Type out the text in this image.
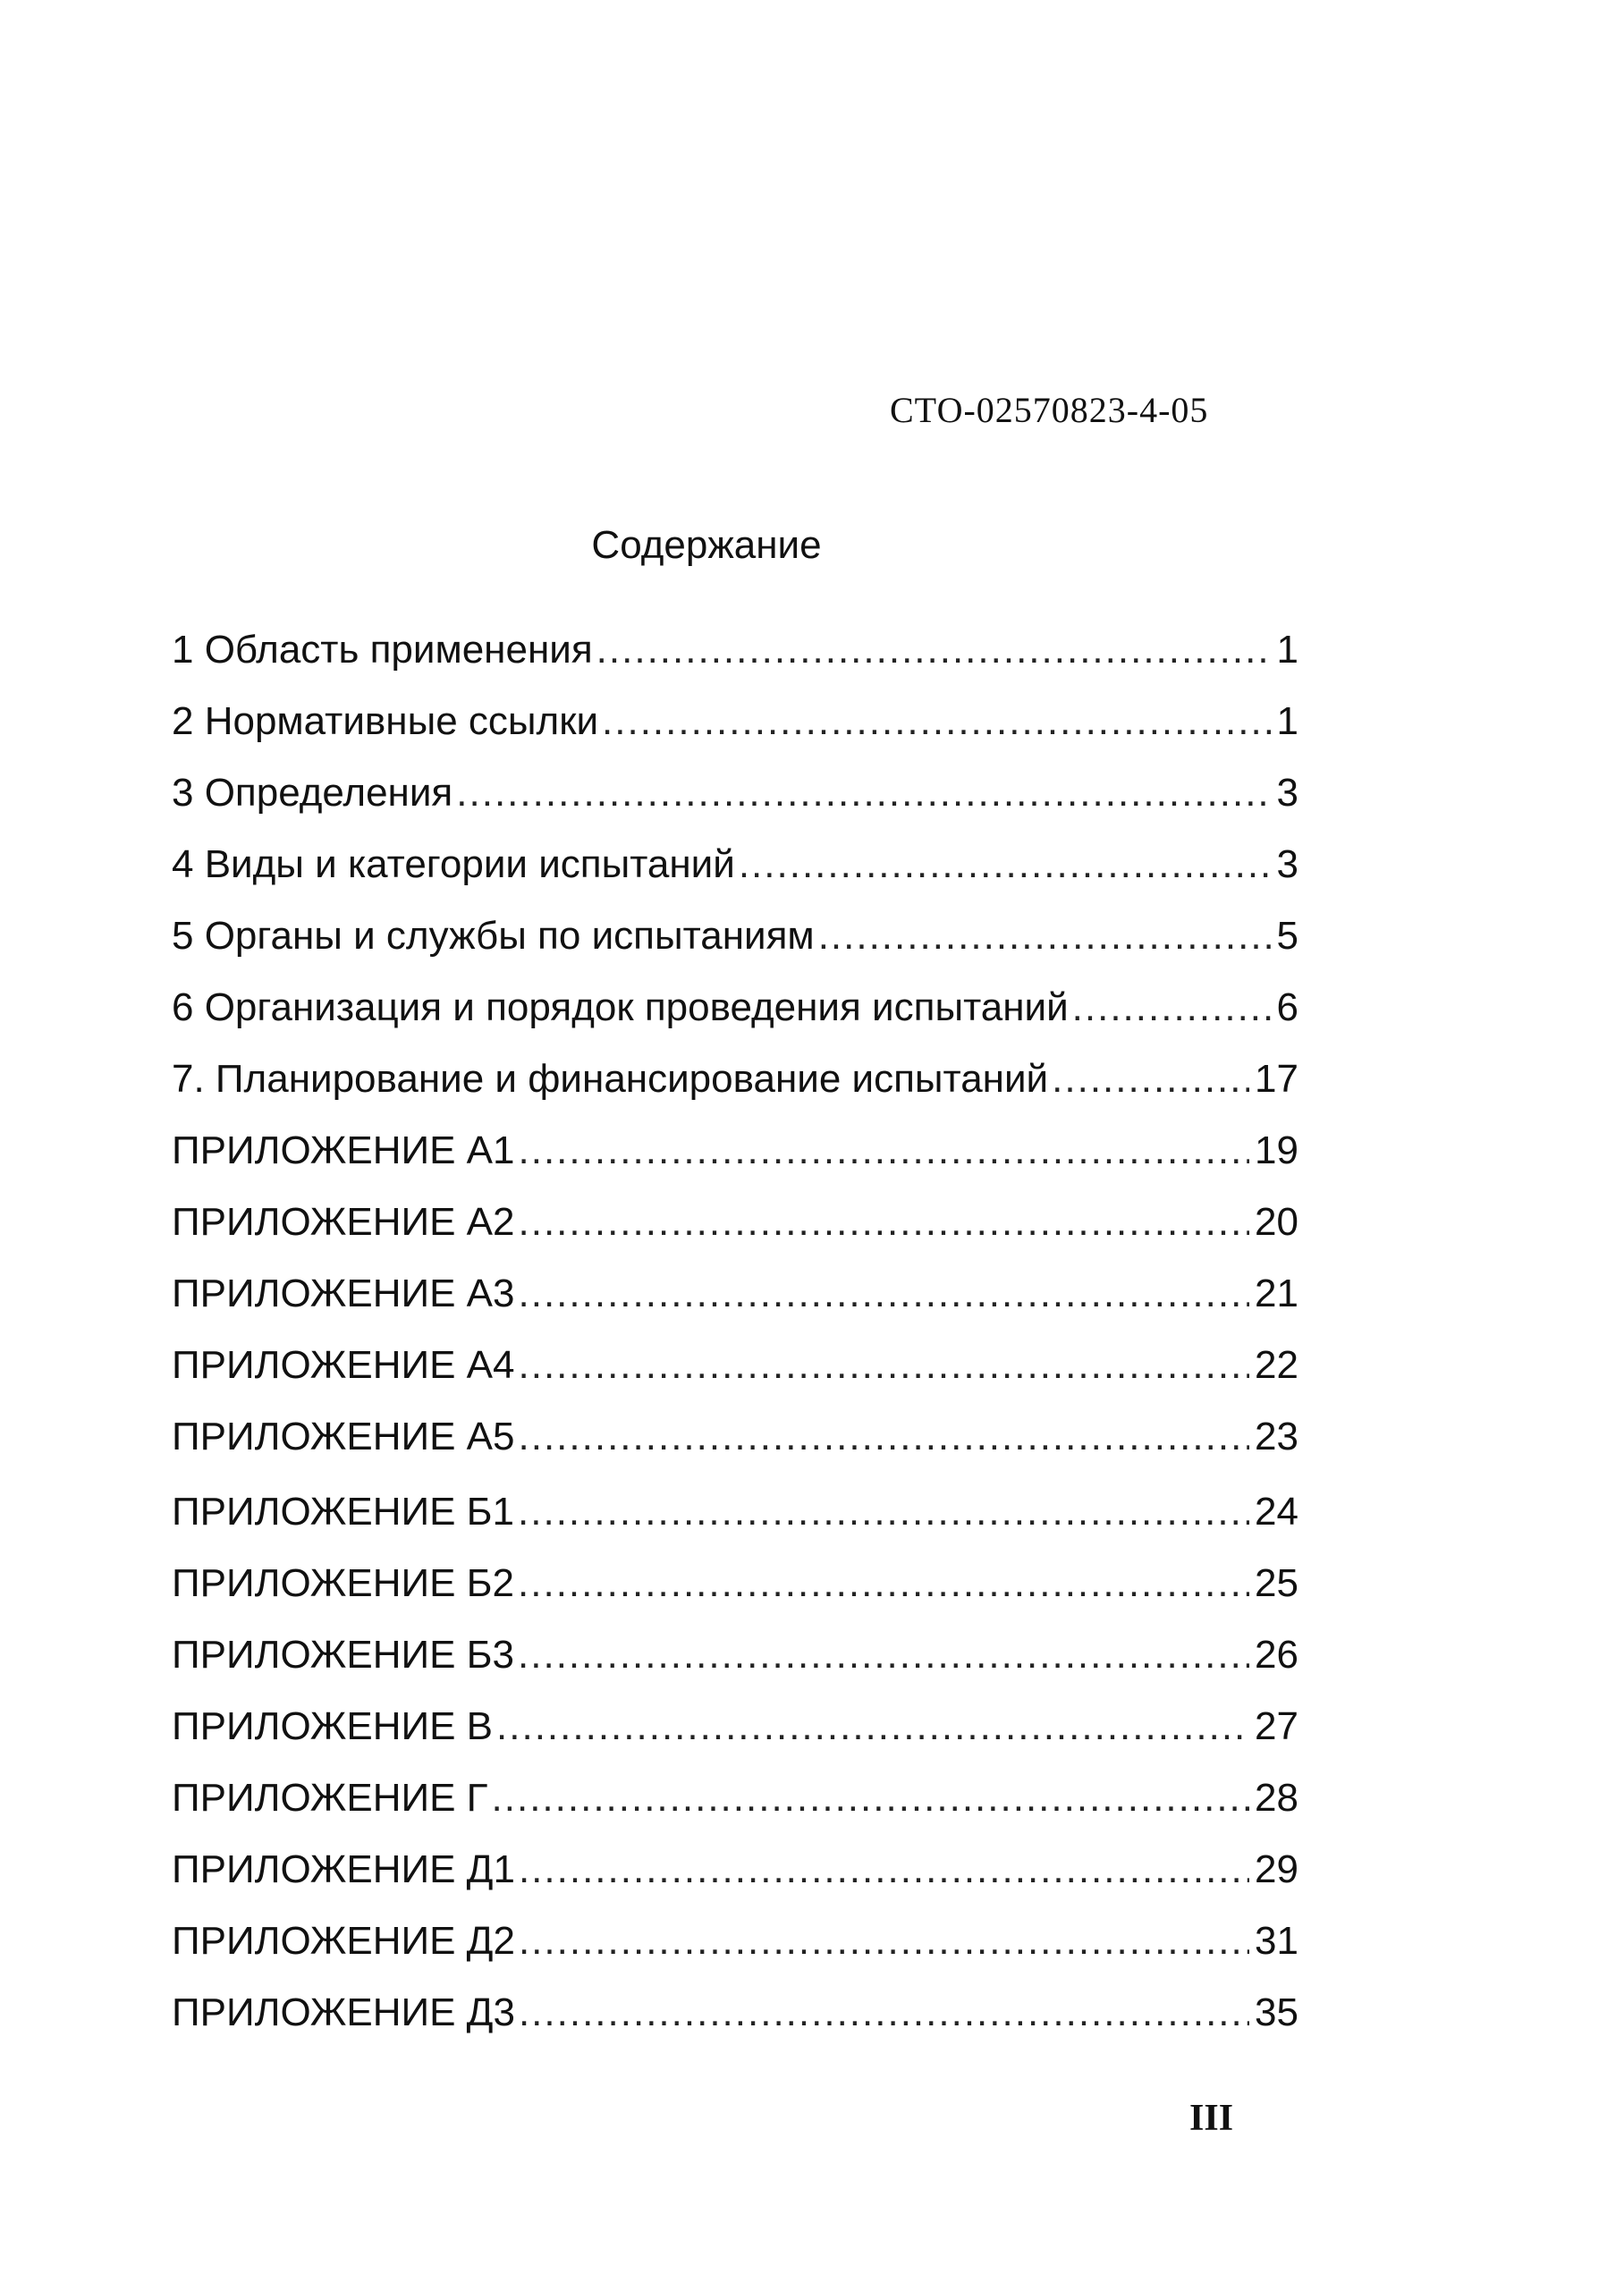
СТО-02570823-4-05
Содержание
1 Область применения .....	1
2 Нормативные ссылки .....	1
3 Определения .....	3
4 Виды и категории испытаний .....	3
5 Органы и службы по испытаниям .....	5
6 Организация и порядок проведения испытаний .....	6
7. Планирование и финансирование испытаний .....	17
ПРИЛОЖЕНИЕ А1 .....	19
ПРИЛОЖЕНИЕ А2 .....	20
ПРИЛОЖЕНИЕ А3 .....	21
ПРИЛОЖЕНИЕ А4 .....	22
ПРИЛОЖЕНИЕ А5 .....	23
ПРИЛОЖЕНИЕ Б1 .....	24
ПРИЛОЖЕНИЕ Б2 .....	25
ПРИЛОЖЕНИЕ Б3 .....	26
ПРИЛОЖЕНИЕ В .....	27
ПРИЛОЖЕНИЕ Г .....	28
ПРИЛОЖЕНИЕ Д1 .....	29
ПРИЛОЖЕНИЕ Д2 .....	31
ПРИЛОЖЕНИЕ Д3 .....	35
III
